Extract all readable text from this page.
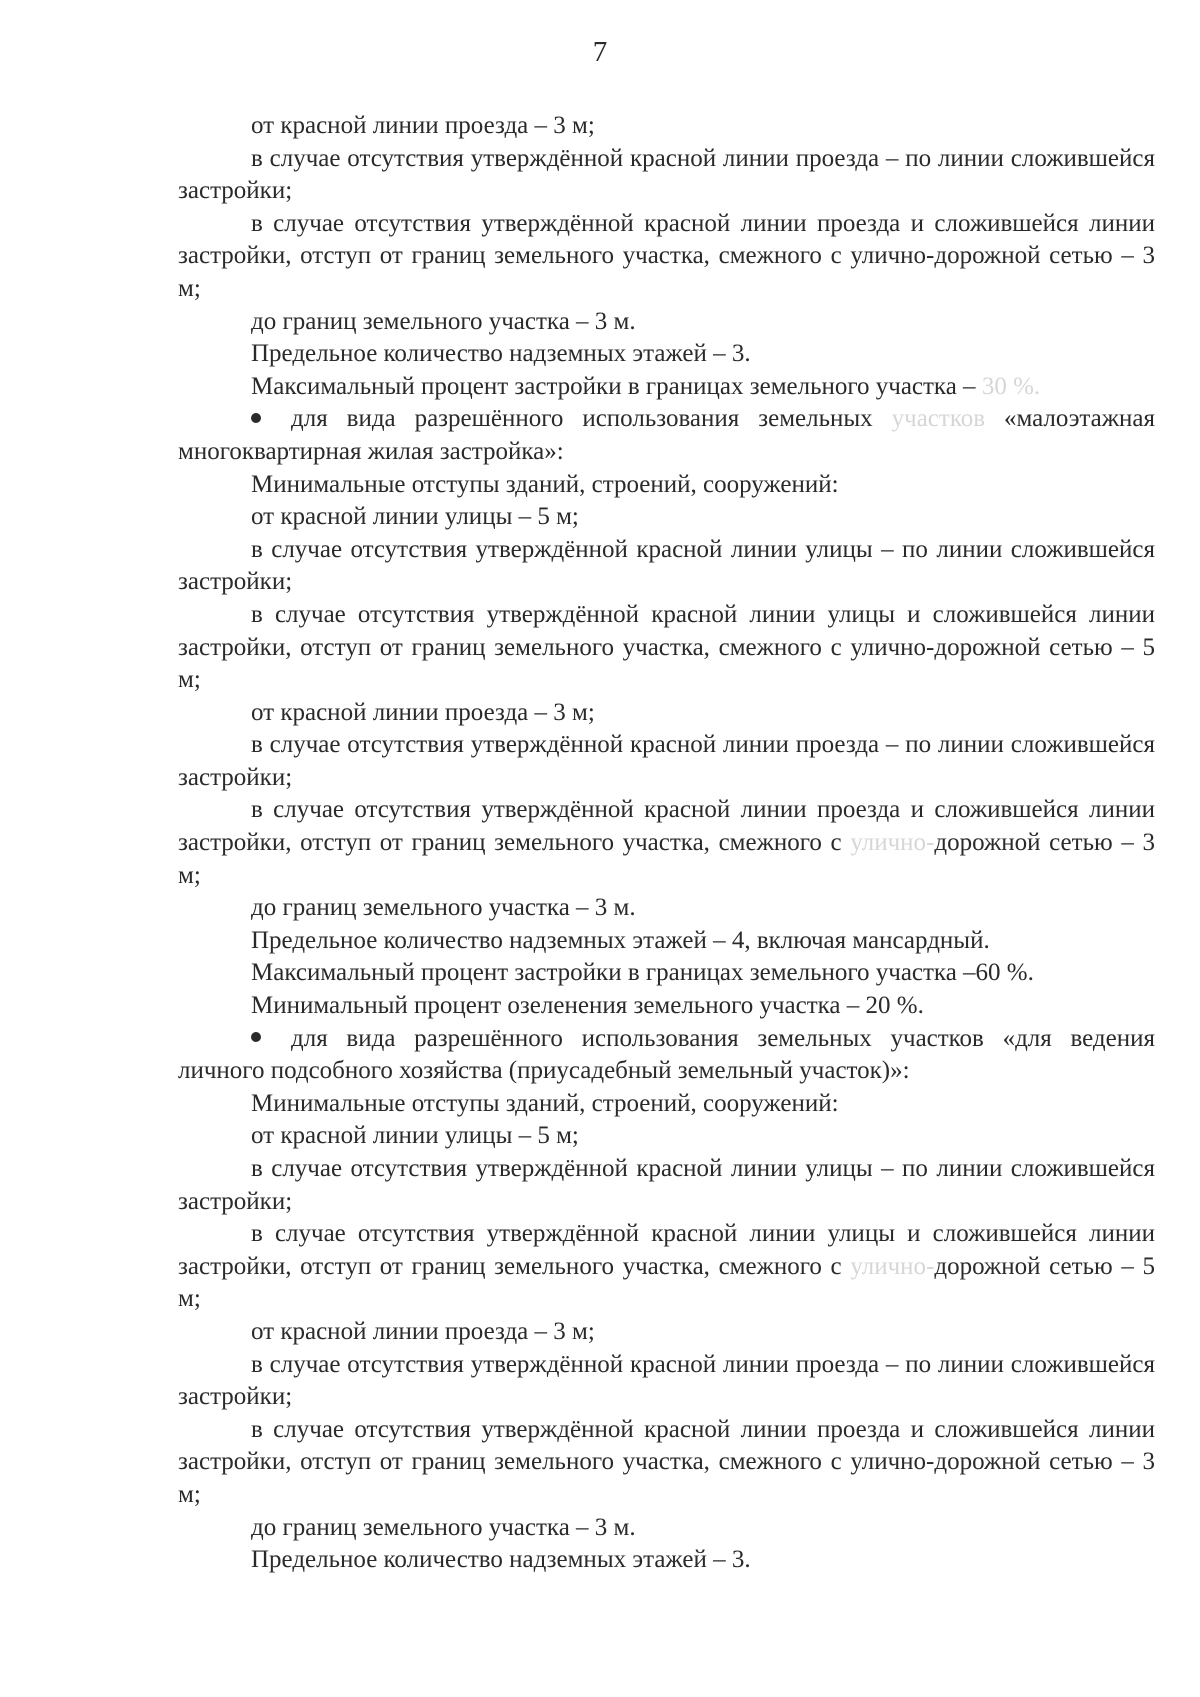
7

от красной линии проезда – 3 м;

в случае отсутствия утверждённой красной линии проезда – по линии сложившейся застройки;

в случае отсутствия утверждённой красной линии проезда и сложившейся линии застройки, отступ от границ земельного участка, смежного с улично-дорожной сетью – 3 м;

до границ земельного участка – 3 м.

Предельное количество надземных этажей – 3.

Максимальный процент застройки в границах земельного участка – 30 %.

для вида разрешённого использования земельных участков «малоэтажная многоквартирная жилая застройка»:

Минимальные отступы зданий, строений, сооружений:

от красной линии улицы – 5 м;

в случае отсутствия утверждённой красной линии улицы – по линии сложившейся застройки;

в случае отсутствия утверждённой красной линии улицы и сложившейся линии застройки, отступ от границ земельного участка, смежного с улично-дорожной сетью – 5 м;

от красной линии проезда – 3 м;

в случае отсутствия утверждённой красной линии проезда – по линии сложившейся застройки;

в случае отсутствия утверждённой красной линии проезда и сложившейся линии застройки, отступ от границ земельного участка, смежного с улично-дорожной сетью – 3 м;

до границ земельного участка – 3 м.

Предельное количество надземных этажей – 4, включая мансардный.

Максимальный процент застройки в границах земельного участка –60 %.

Минимальный процент озеленения земельного участка – 20 %.

для вида разрешённого использования земельных участков «для ведения личного подсобного хозяйства (приусадебный земельный участок)»:

Минимальные отступы зданий, строений, сооружений:

от красной линии улицы – 5 м;

в случае отсутствия утверждённой красной линии улицы – по линии сложившейся застройки;

в случае отсутствия утверждённой красной линии улицы и сложившейся линии застройки, отступ от границ земельного участка, смежного с улично-дорожной сетью – 5 м;

от красной линии проезда – 3 м;

в случае отсутствия утверждённой красной линии проезда – по линии сложившейся застройки;

в случае отсутствия утверждённой красной линии проезда и сложившейся линии застройки, отступ от границ земельного участка, смежного с улично-дорожной сетью – 3 м;

до границ земельного участка – 3 м.

Предельное количество надземных этажей – 3.
